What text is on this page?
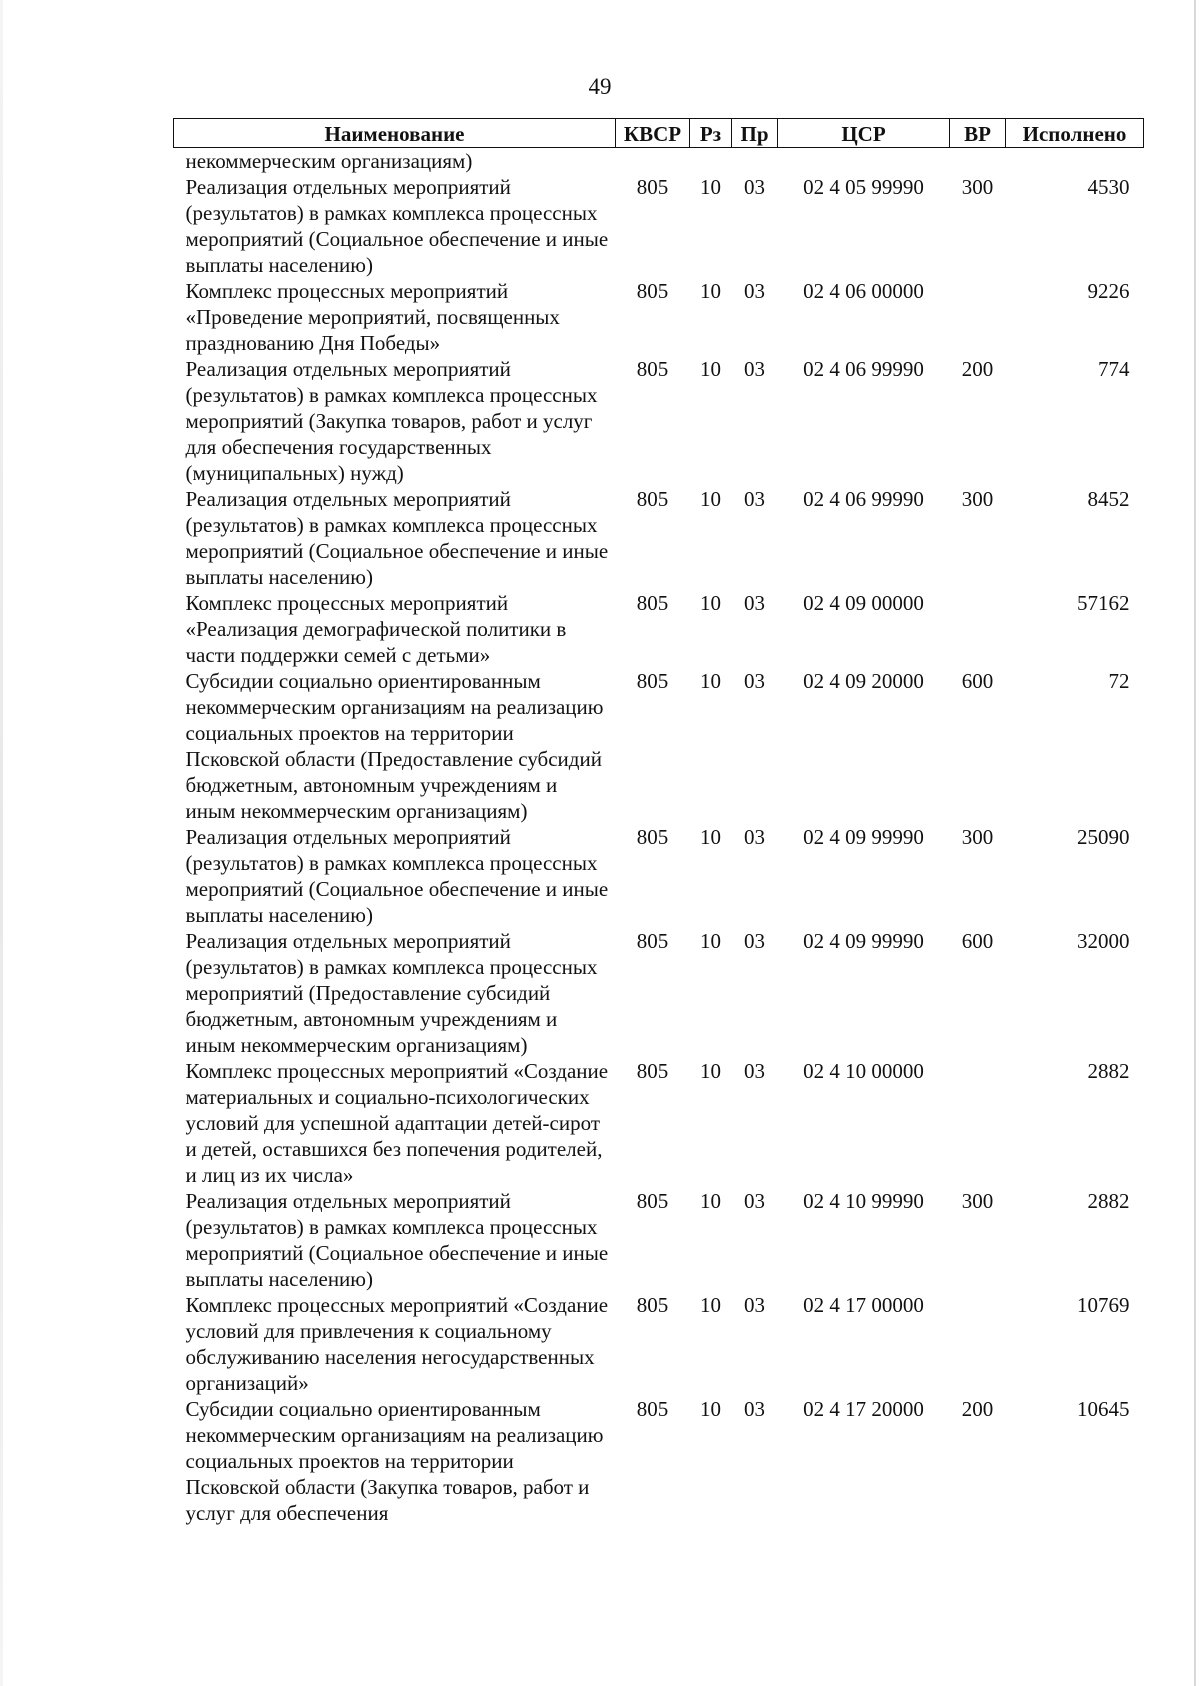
49
Наименование	КВСР	Рз	Пр	ЦСР	ВР	Исполнено
некоммерческим организациям)						
Реализация отдельных мероприятий (результатов) в рамках комплекса процессных мероприятий (Социальное обеспечение и иные выплаты населению)	805	10	03	02 4 05 99990	300	4530
Комплекс процессных мероприятий «Проведение мероприятий, посвященных празднованию Дня Победы»	805	10	03	02 4 06 00000		9226
Реализация отдельных мероприятий (результатов) в рамках комплекса процессных мероприятий (Закупка товаров, работ и услуг для обеспечения государственных (муниципальных) нужд)	805	10	03	02 4 06 99990	200	774
Реализация отдельных мероприятий (результатов) в рамках комплекса процессных мероприятий (Социальное обеспечение и иные выплаты населению)	805	10	03	02 4 06 99990	300	8452
Комплекс процессных мероприятий «Реализация демографической политики в части поддержки семей с детьми»	805	10	03	02 4 09 00000		57162
Субсидии социально ориентированным некоммерческим организациям на реализацию социальных проектов на территории Псковской области (Предоставление субсидий бюджетным, автономным учреждениям и иным некоммерческим организациям)	805	10	03	02 4 09 20000	600	72
Реализация отдельных мероприятий (результатов) в рамках комплекса процессных мероприятий (Социальное обеспечение и иные выплаты населению)	805	10	03	02 4 09 99990	300	25090
Реализация отдельных мероприятий (результатов) в рамках комплекса процессных мероприятий (Предоставление субсидий бюджетным, автономным учреждениям и иным некоммерческим организациям)	805	10	03	02 4 09 99990	600	32000
Комплекс процессных мероприятий «Создание материальных и социально-психологических условий для успешной адаптации детей-сирот и детей, оставшихся без попечения родителей, и лиц из их числа»	805	10	03	02 4 10 00000		2882
Реализация отдельных мероприятий (результатов) в рамках комплекса процессных мероприятий (Социальное обеспечение и иные выплаты населению)	805	10	03	02 4 10 99990	300	2882
Комплекс процессных мероприятий «Создание условий для привлечения к социальному обслуживанию населения негосударственных организаций»	805	10	03	02 4 17 00000		10769
Субсидии социально ориентированным некоммерческим организациям на реализацию социальных проектов на территории Псковской области (Закупка товаров, работ и услуг для обеспечения	805	10	03	02 4 17 20000	200	10645
